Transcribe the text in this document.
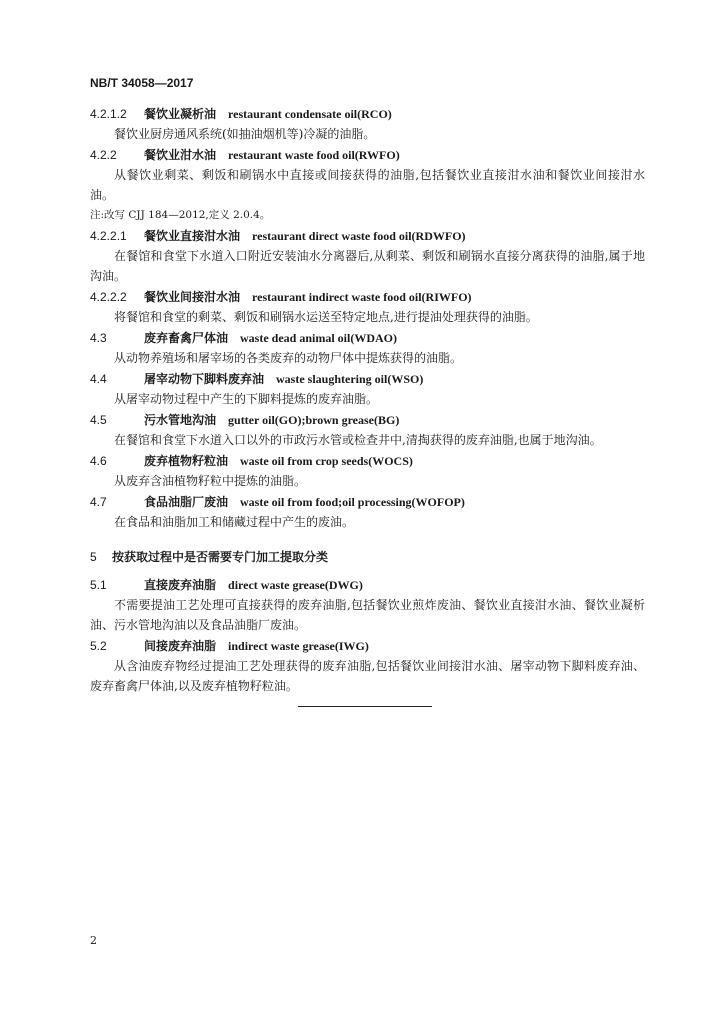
NB/T 34058—2017
4.2.1.2 餐饮业凝析油 restaurant condensate oil(RCO)
餐饮业厨房通风系统(如抽油烟机等)冷凝的油脂。
4.2.2 餐饮业泔水油 restaurant waste food oil(RWFO)
从餐饮业剩菜、剩饭和刷锅水中直接或间接获得的油脂,包括餐饮业直接泔水油和餐饮业间接泔水油。
注:改写 CJJ 184—2012,定义 2.0.4。
4.2.2.1 餐饮业直接泔水油 restaurant direct waste food oil(RDWFO)
在餐馆和食堂下水道入口附近安装油水分离器后,从剩菜、剩饭和刷锅水直接分离获得的油脂,属于地沟油。
4.2.2.2 餐饮业间接泔水油 restaurant indirect waste food oil(RIWFO)
将餐馆和食堂的剩菜、剩饭和刷锅水运送至特定地点,进行提油处理获得的油脂。
4.3	废弃畜禽尸体油 waste dead animal oil(WDAO)
从动物养殖场和屠宰场的各类废弃的动物尸体中提炼获得的油脂。
4.4	屠宰动物下脚料废弃油 waste slaughtering oil(WSO)
从屠宰动物过程中产生的下脚料提炼的废弃油脂。
4.5	污水管地沟油 gutter oil(GO);brown grease(BG)
在餐馆和食堂下水道入口以外的市政污水管或检查井中,清掏获得的废弃油脂,也属于地沟油。
4.6	废弃植物籽粒油 waste oil from crop seeds(WOCS)
从废弃含油植物籽粒中提炼的油脂。
4.7	食品油脂厂废油 waste oil from food;oil processing(WOFOP)
在食品和油脂加工和储藏过程中产生的废油。
5 按获取过程中是否需要专门加工提取分类
5.1	直接废弃油脂 direct waste grease(DWG)
不需要提油工艺处理可直接获得的废弃油脂,包括餐饮业煎炸废油、餐饮业直接泔水油、餐饮业凝析油、污水管地沟油以及食品油脂厂废油。
5.2	间接废弃油脂 indirect waste grease(IWG)
从含油废弃物经过提油工艺处理获得的废弃油脂,包括餐饮业间接泔水油、屠宰动物下脚料废弃油、废弃畜禽尸体油,以及废弃植物籽粒油。
2
